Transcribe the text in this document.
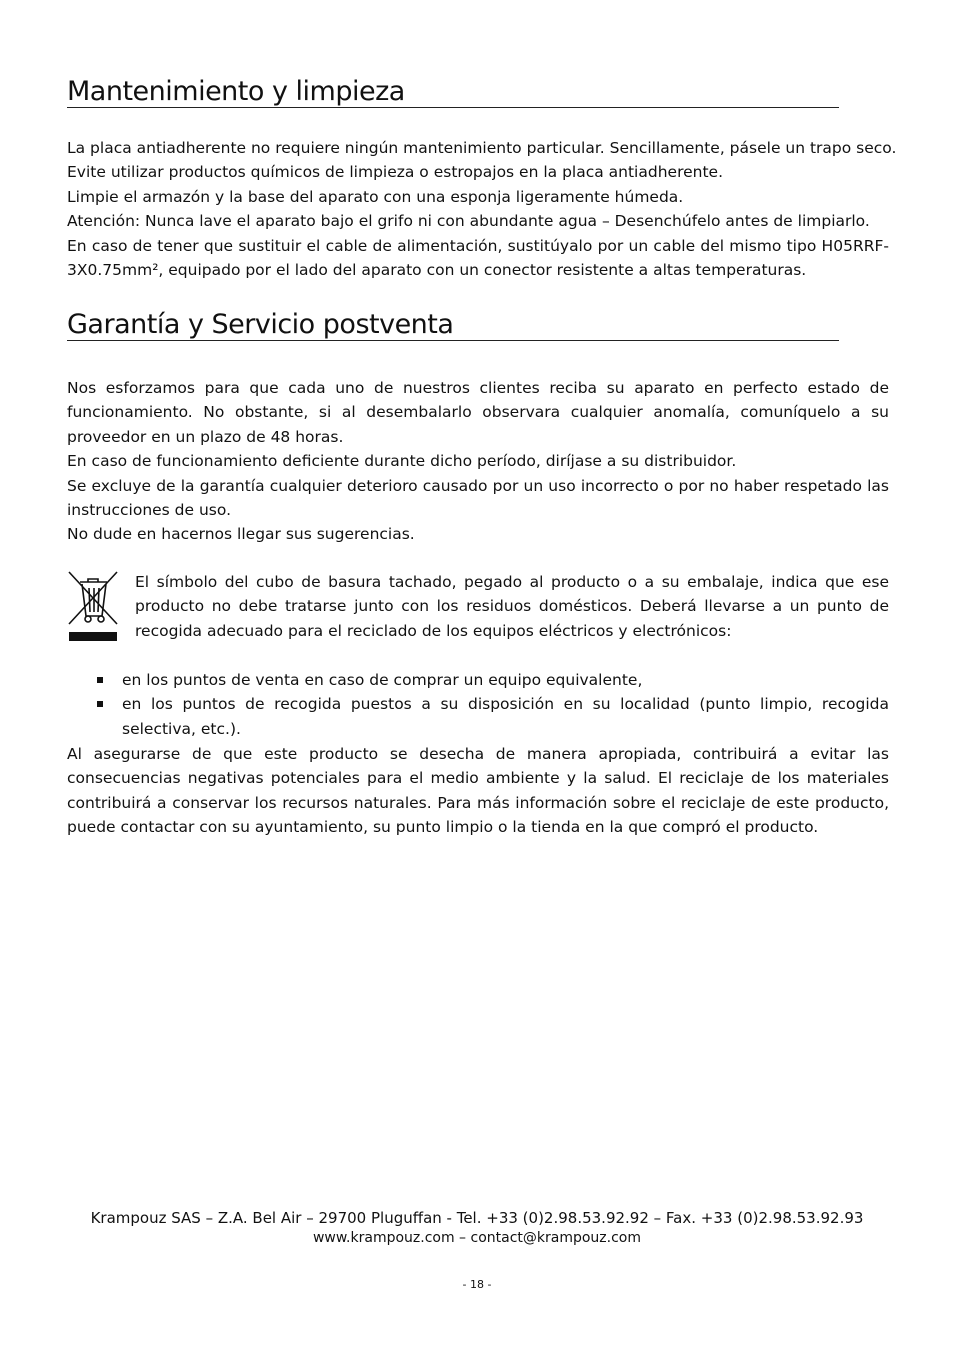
Mantenimiento y limpieza

La placa antiadherente no requiere ningún mantenimiento particular. Sencillamente, pásele un trapo seco.

Evite utilizar productos químicos de limpieza o estropajos en la placa antiadherente.

Limpie el armazón y la base del aparato con una esponja ligeramente húmeda.

Atención: Nunca lave el aparato bajo el grifo ni con abundante agua – Desenchúfelo antes de limpiarlo.

En caso de tener que sustituir el cable de alimentación, sustitúyalo por un cable del mismo tipo H05RRF-3X0.75mm², equipado por el lado del aparato con un conector resistente a altas temperaturas.

Garantía y Servicio postventa

Nos esforzamos para que cada uno de nuestros clientes reciba su aparato en perfecto estado de funcionamiento. No obstante, si al desembalarlo observara cualquier anomalía, comuníquelo a su proveedor en un plazo de 48 horas.

En caso de funcionamiento deficiente durante dicho período, diríjase a su distribuidor.

Se excluye de la garantía cualquier deterioro causado por un uso incorrecto o por no haber respetado las instrucciones de uso.

No dude en hacernos llegar sus sugerencias.

El símbolo del cubo de basura tachado, pegado al producto o a su embalaje, indica que ese producto no debe tratarse junto con los residuos domésticos. Deberá llevarse a un punto de recogida adecuado para el reciclado de los equipos eléctricos y electrónicos:

en los puntos de venta en caso de comprar un equipo equivalente,
en los puntos de recogida puestos a su disposición en su localidad (punto limpio, recogida selectiva, etc.).

Al asegurarse de que este producto se desecha de manera apropiada, contribuirá a evitar las consecuencias negativas potenciales para el medio ambiente y la salud. El reciclaje de los materiales contribuirá a conservar los recursos naturales. Para más información sobre el reciclaje de este producto, puede contactar con su ayuntamiento, su punto limpio o la tienda en la que compró el producto.

Krampouz SAS – Z.A. Bel Air – 29700 Pluguffan - Tel. +33 (0)2.98.53.92.92 – Fax. +33 (0)2.98.53.92.93
www.krampouz.com – contact@krampouz.com
- 18 -
